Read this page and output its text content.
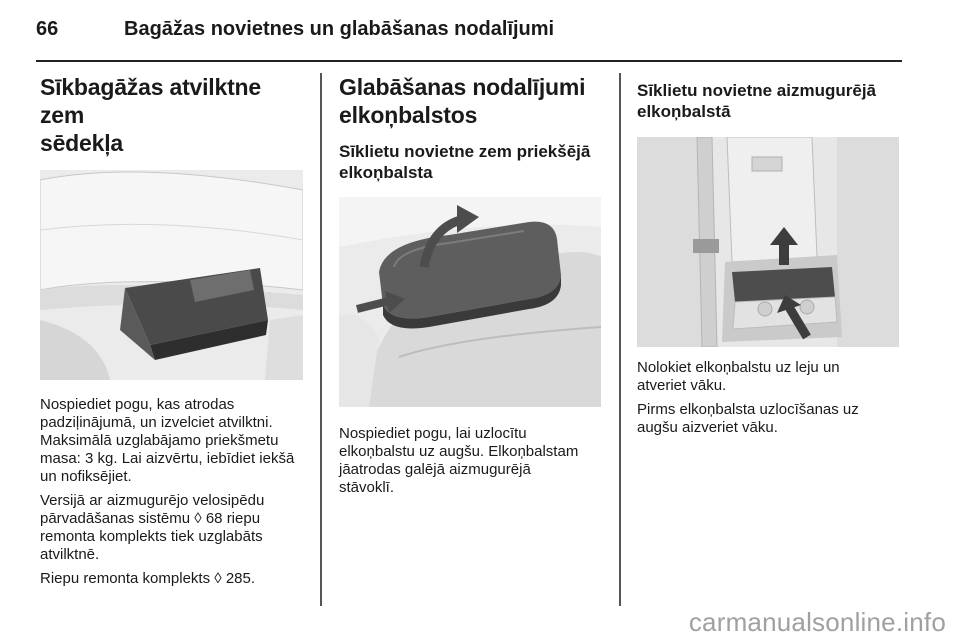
66	Bagāžas novietnes un glabāšanas nodalījumi
Sīkbagāžas atvilktne zem
sēdekļa

Nospiediet pogu, kas atrodas
padziļinājumā, un izvelciet atvilktni.
Maksimālā uzglabājamo priekšmetu
masa: 3 kg. Lai aizvērtu, iebīdiet iekšā
un nofiksējiet.

Versijā ar aizmugurējo velosipēdu
pārvadāšanas sistēmu ◊ 68 riepu
remonta komplekts tiek uzglabāts
atvilktnē.

Riepu remonta komplekts ◊ 285.

Glabāšanas nodalījumi
elkoņbalstos
Sīklietu novietne zem priekšējā
elkoņbalsta

Nospiediet pogu, lai uzlocītu
elkoņbalstu uz augšu. Elkoņbalstam
jāatrodas galējā aizmugurējā
stāvoklī.

Sīklietu novietne aizmugurējā
elkoņbalstā

Nolokiet elkoņbalstu uz leju un
atveriet vāku.

Pirms elkoņbalsta uzlocīšanas uz
augšu aizveriet vāku.

carmanualsonline.info
